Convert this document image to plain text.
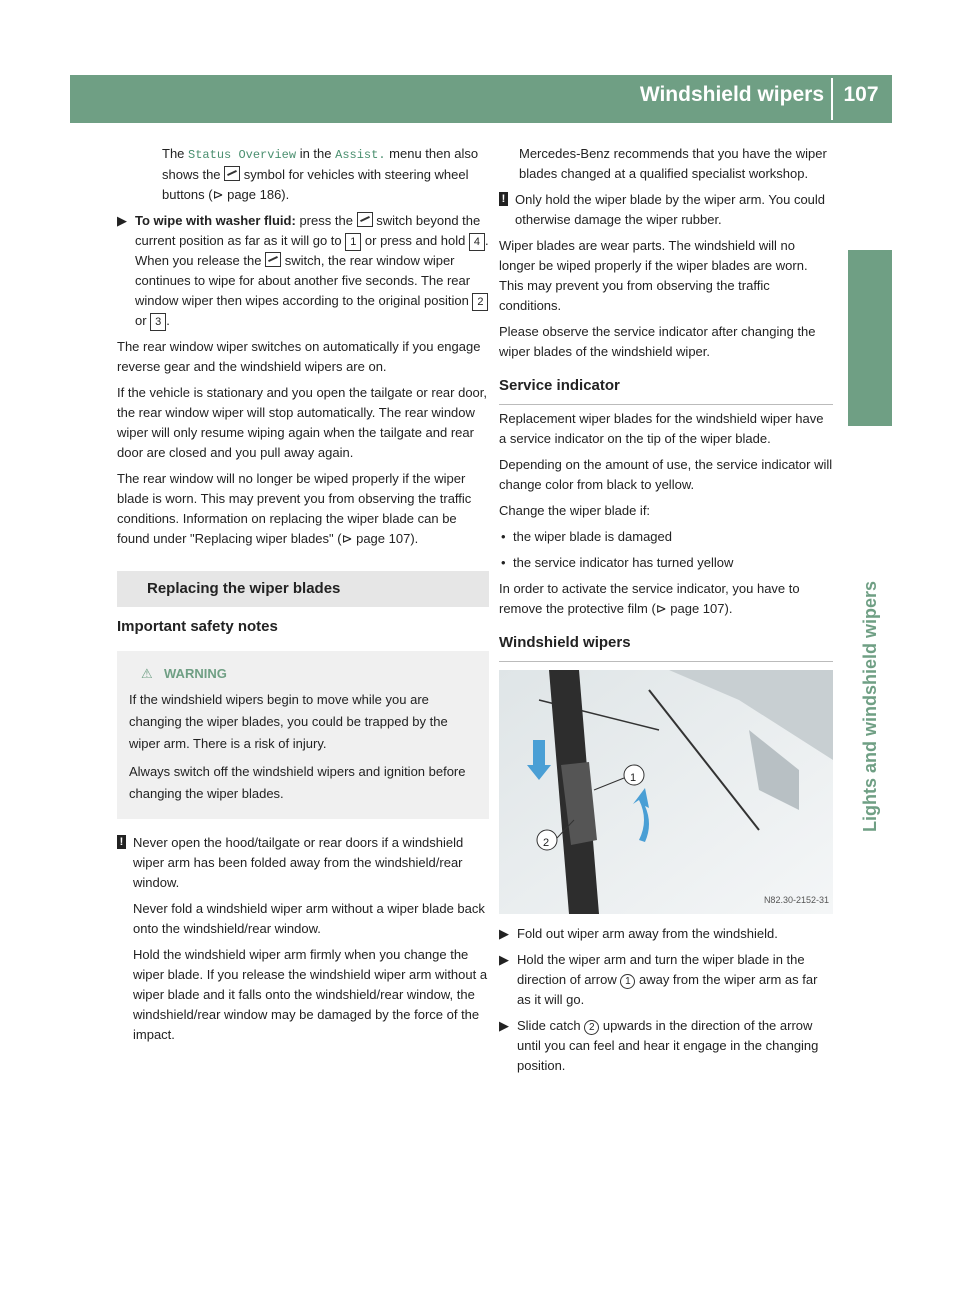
Windshield wipers 107
Lights and windshield wipers

The Status Overview in the Assist. menu then also shows the symbol for vehicles with steering wheel buttons (⊳ page 186).

▶ To wipe with washer fluid: press the switch beyond the current position as far as it will go to 1 or press and hold 4 .
When you release the switch, the rear window wiper continues to wipe for about another five seconds. The rear window wiper then wipes according to the original position 2 or 3 .

The rear window wiper switches on automatically if you engage reverse gear and the windshield wipers are on.

If the vehicle is stationary and you open the tailgate or rear door, the rear window wiper will stop automatically. The rear window wiper will only resume wiping again when the tailgate and rear door are closed and you pull away again.

The rear window will no longer be wiped properly if the wiper blade is worn. This may prevent you from observing the traffic conditions. Information on replacing the wiper blade can be found under "Replacing wiper blades" (⊳ page 107).

Replacing the wiper blades
Important safety notes
⚠ WARNING

If the windshield wipers begin to move while you are changing the wiper blades, you could be trapped by the wiper arm. There is a risk of injury.

Always switch off the windshield wipers and ignition before changing the wiper blades.

! Never open the hood/tailgate or rear doors if a windshield wiper arm has been folded away from the windshield/rear window.

Never fold a windshield wiper arm without a wiper blade back onto the windshield/rear window.

Hold the windshield wiper arm firmly when you change the wiper blade. If you release the windshield wiper arm without a wiper blade and it falls onto the windshield/rear window, the windshield/rear window may be damaged by the force of the impact.

Mercedes-Benz recommends that you have the wiper blades changed at a qualified specialist workshop.

! Only hold the wiper blade by the wiper arm. You could otherwise damage the wiper rubber.

Wiper blades are wear parts. The windshield will no longer be wiped properly if the wiper blades are worn. This may prevent you from observing the traffic conditions.

Please observe the service indicator after changing the wiper blades of the windshield wiper.

Service indicator

Replacement wiper blades for the windshield wiper have a service indicator on the tip of the wiper blade.

Depending on the amount of use, the service indicator will change color from black to yellow.

Change the wiper blade if:

• the wiper blade is damaged
• the service indicator has turned yellow

In order to activate the service indicator, you have to remove the protective film (⊳ page 107).

Windshield wipers
1
2
N82.30-2152-31
▶ Fold out wiper arm away from the windshield.
▶ Hold the wiper arm and turn the wiper blade in the direction of arrow 1 away from the wiper arm as far as it will go.
▶ Slide catch 2 upwards in the direction of the arrow until you can feel and hear it engage in the changing position.
